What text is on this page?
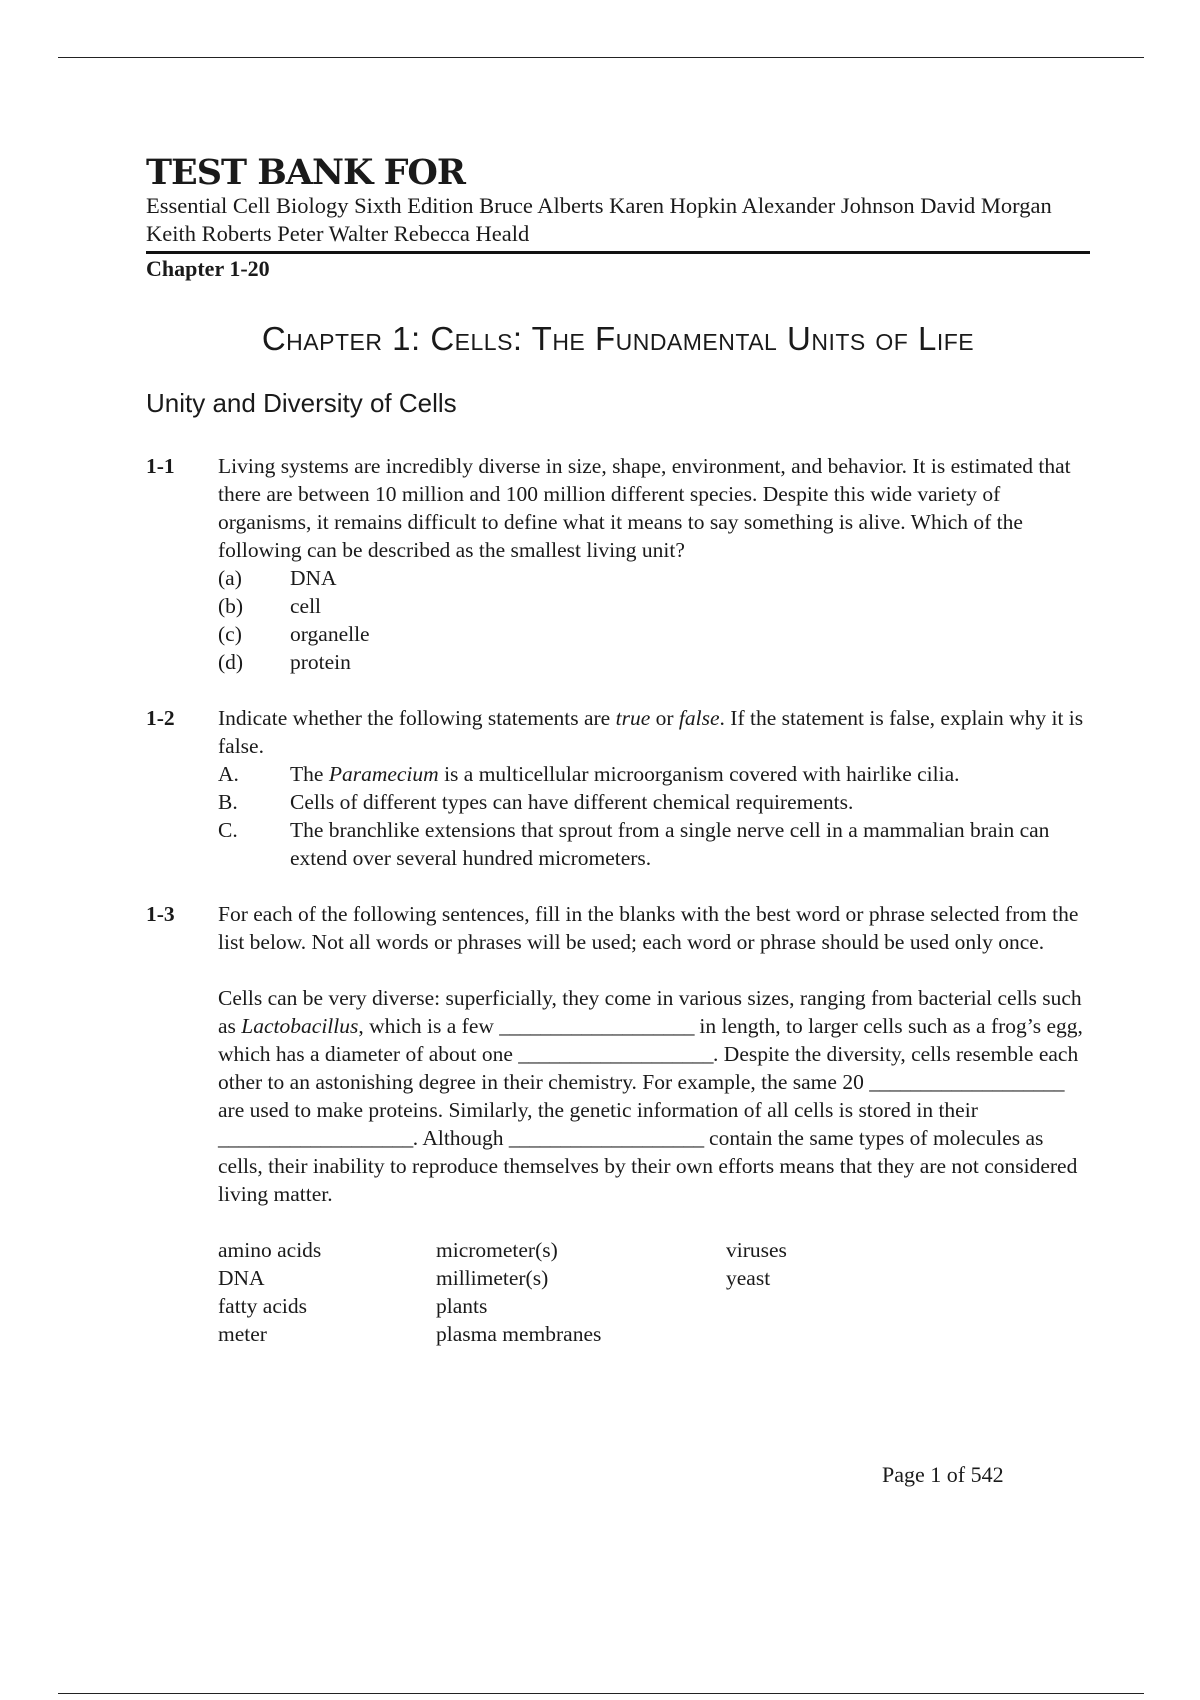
TEST BANK FOR
Essential Cell Biology Sixth Edition Bruce Alberts Karen Hopkin Alexander Johnson David Morgan Keith Roberts Peter Walter Rebecca Heald
Chapter 1-20
Chapter 1: Cells: The Fundamental Units of Life
Unity and Diversity of Cells
1-1 Living systems are incredibly diverse in size, shape, environment, and behavior. It is estimated that there are between 10 million and 100 million different species. Despite this wide variety of organisms, it remains difficult to define what it means to say something is alive. Which of the following can be described as the smallest living unit?
(a) DNA
(b) cell
(c) organelle
(d) protein
1-2 Indicate whether the following statements are true or false. If the statement is false, explain why it is false.
A. The Paramecium is a multicellular microorganism covered with hairlike cilia.
B. Cells of different types can have different chemical requirements.
C. The branchlike extensions that sprout from a single nerve cell in a mammalian brain can extend over several hundred micrometers.
1-3 For each of the following sentences, fill in the blanks with the best word or phrase selected from the list below. Not all words or phrases will be used; each word or phrase should be used only once.
Cells can be very diverse: superficially, they come in various sizes, ranging from bacterial cells such as Lactobacillus, which is a few ___________________ in length, to larger cells such as a frog’s egg, which has a diameter of about one ___________________. Despite the diversity, cells resemble each other to an astonishing degree in their chemistry. For example, the same 20 ___________________ are used to make proteins. Similarly, the genetic information of all cells is stored in their ___________________. Although ___________________ contain the same types of molecules as cells, their inability to reproduce themselves by their own efforts means that they are not considered living matter.
amino acids
DNA
fatty acids
meter
micrometer(s)
millimeter(s)
plants
plasma membranes
viruses
yeast
Page 1 of 542
